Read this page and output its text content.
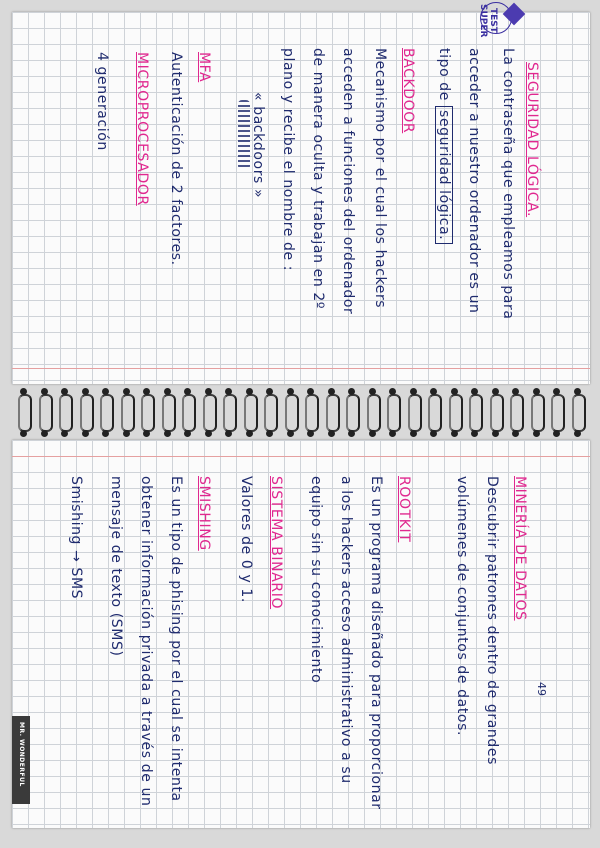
SUPER TEST
SEGURIDAD LÓGICA.
La contraseña que empleamos para
acceder a nuestro ordenador es un
tipo de seguridad lógica.
BACKDOOR
Mecanismo por el cual los hackers
acceden a funciones del ordenador
de manera oculta y trabajan en 2º
plano y recibe el nombre de :
« backdoors »
MFA
Autenticación de 2 factores.
MICROPROCESADOR
4 generación
49
MINERÍA DE DATOS
Descubrir patrones dentro de grandes
volúmenes de conjuntos de datos.
ROOTKIT
Es un programa diseñado para proporcionar
a los hackers acceso administrativo a su
equipo sin su conocimiento
SISTEMA BINARIO
Valores de 0 y 1.
SMISHING
Es un tipo de phising por el cual se intenta
obtener información privada a través de un
mensaje de texto (SMS)
Smishing → SMS
MR. WONDERFUL
